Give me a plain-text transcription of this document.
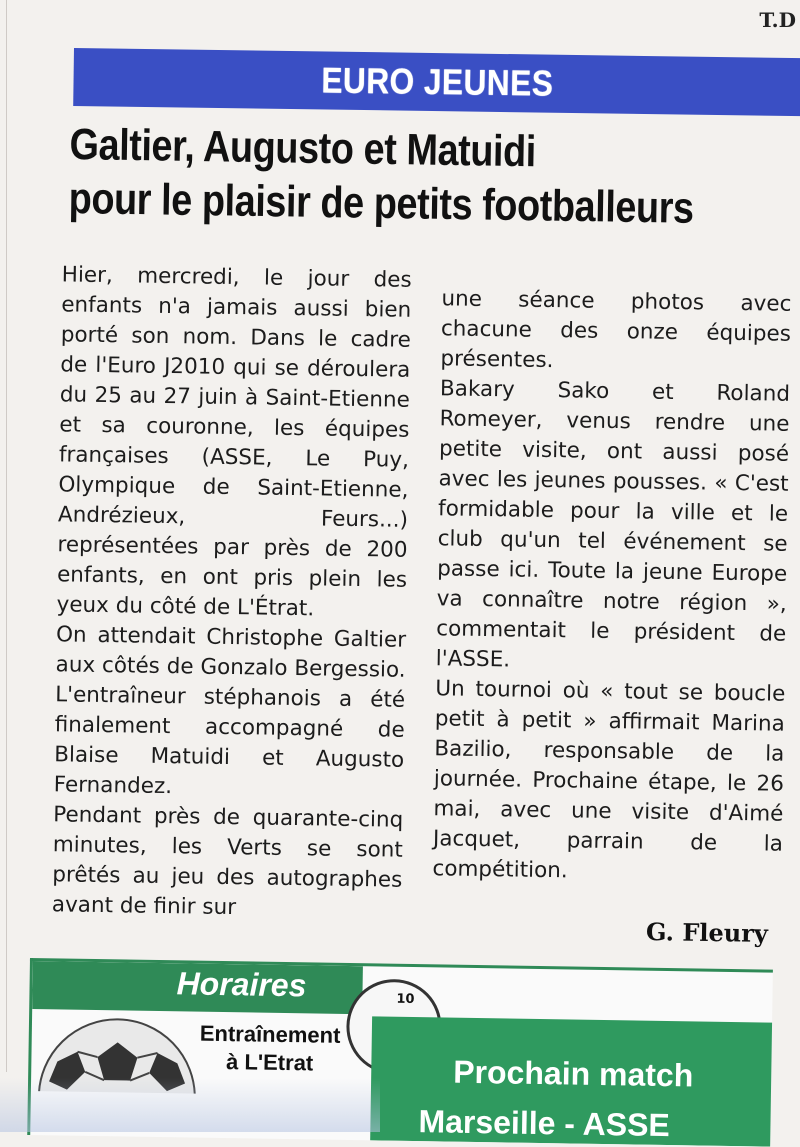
T.D
EURO JEUNES
Galtier, Augusto et Matuidi
pour le plaisir de petits footballeurs

Hier, mercredi, le jour des enfants n'a jamais aussi bien porté son nom. Dans le cadre de l'Euro J2010 qui se déroulera du 25 au 27 juin à Saint-Etienne et sa couronne, les équipes françaises (ASSE, Le Puy, Olympique de Saint-Etienne, Andrézieux, Feurs...) représentées par près de 200 enfants, en ont pris plein les yeux du côté de L'Étrat.

On attendait Christophe Galtier aux côtés de Gonzalo Bergessio. L'entraîneur stéphanois a été finalement accompagné de Blaise Matuidi et Augusto Fernandez.

Pendant près de quarante-cinq minutes, les Verts se sont prêtés au jeu des autographes avant de finir sur

une séance photos avec chacune des onze équipes présentes.

Bakary Sako et Roland Romeyer, venus rendre une petite visite, ont aussi posé avec les jeunes pousses. « C'est formidable pour la ville et le club qu'un tel événement se passe ici. Toute la jeune Europe va connaître notre région », commentait le président de l'ASSE.

Un tournoi où « tout se boucle petit à petit » affirmait Marina Bazilio, responsable de la journée. Prochaine étape, le 26 mai, avec une visite d'Aimé Jacquet, parrain de la compétition.

G. Fleury
Horaires
Entraînement
à L'Etrat
10
Prochain match
Marseille - ASSE
